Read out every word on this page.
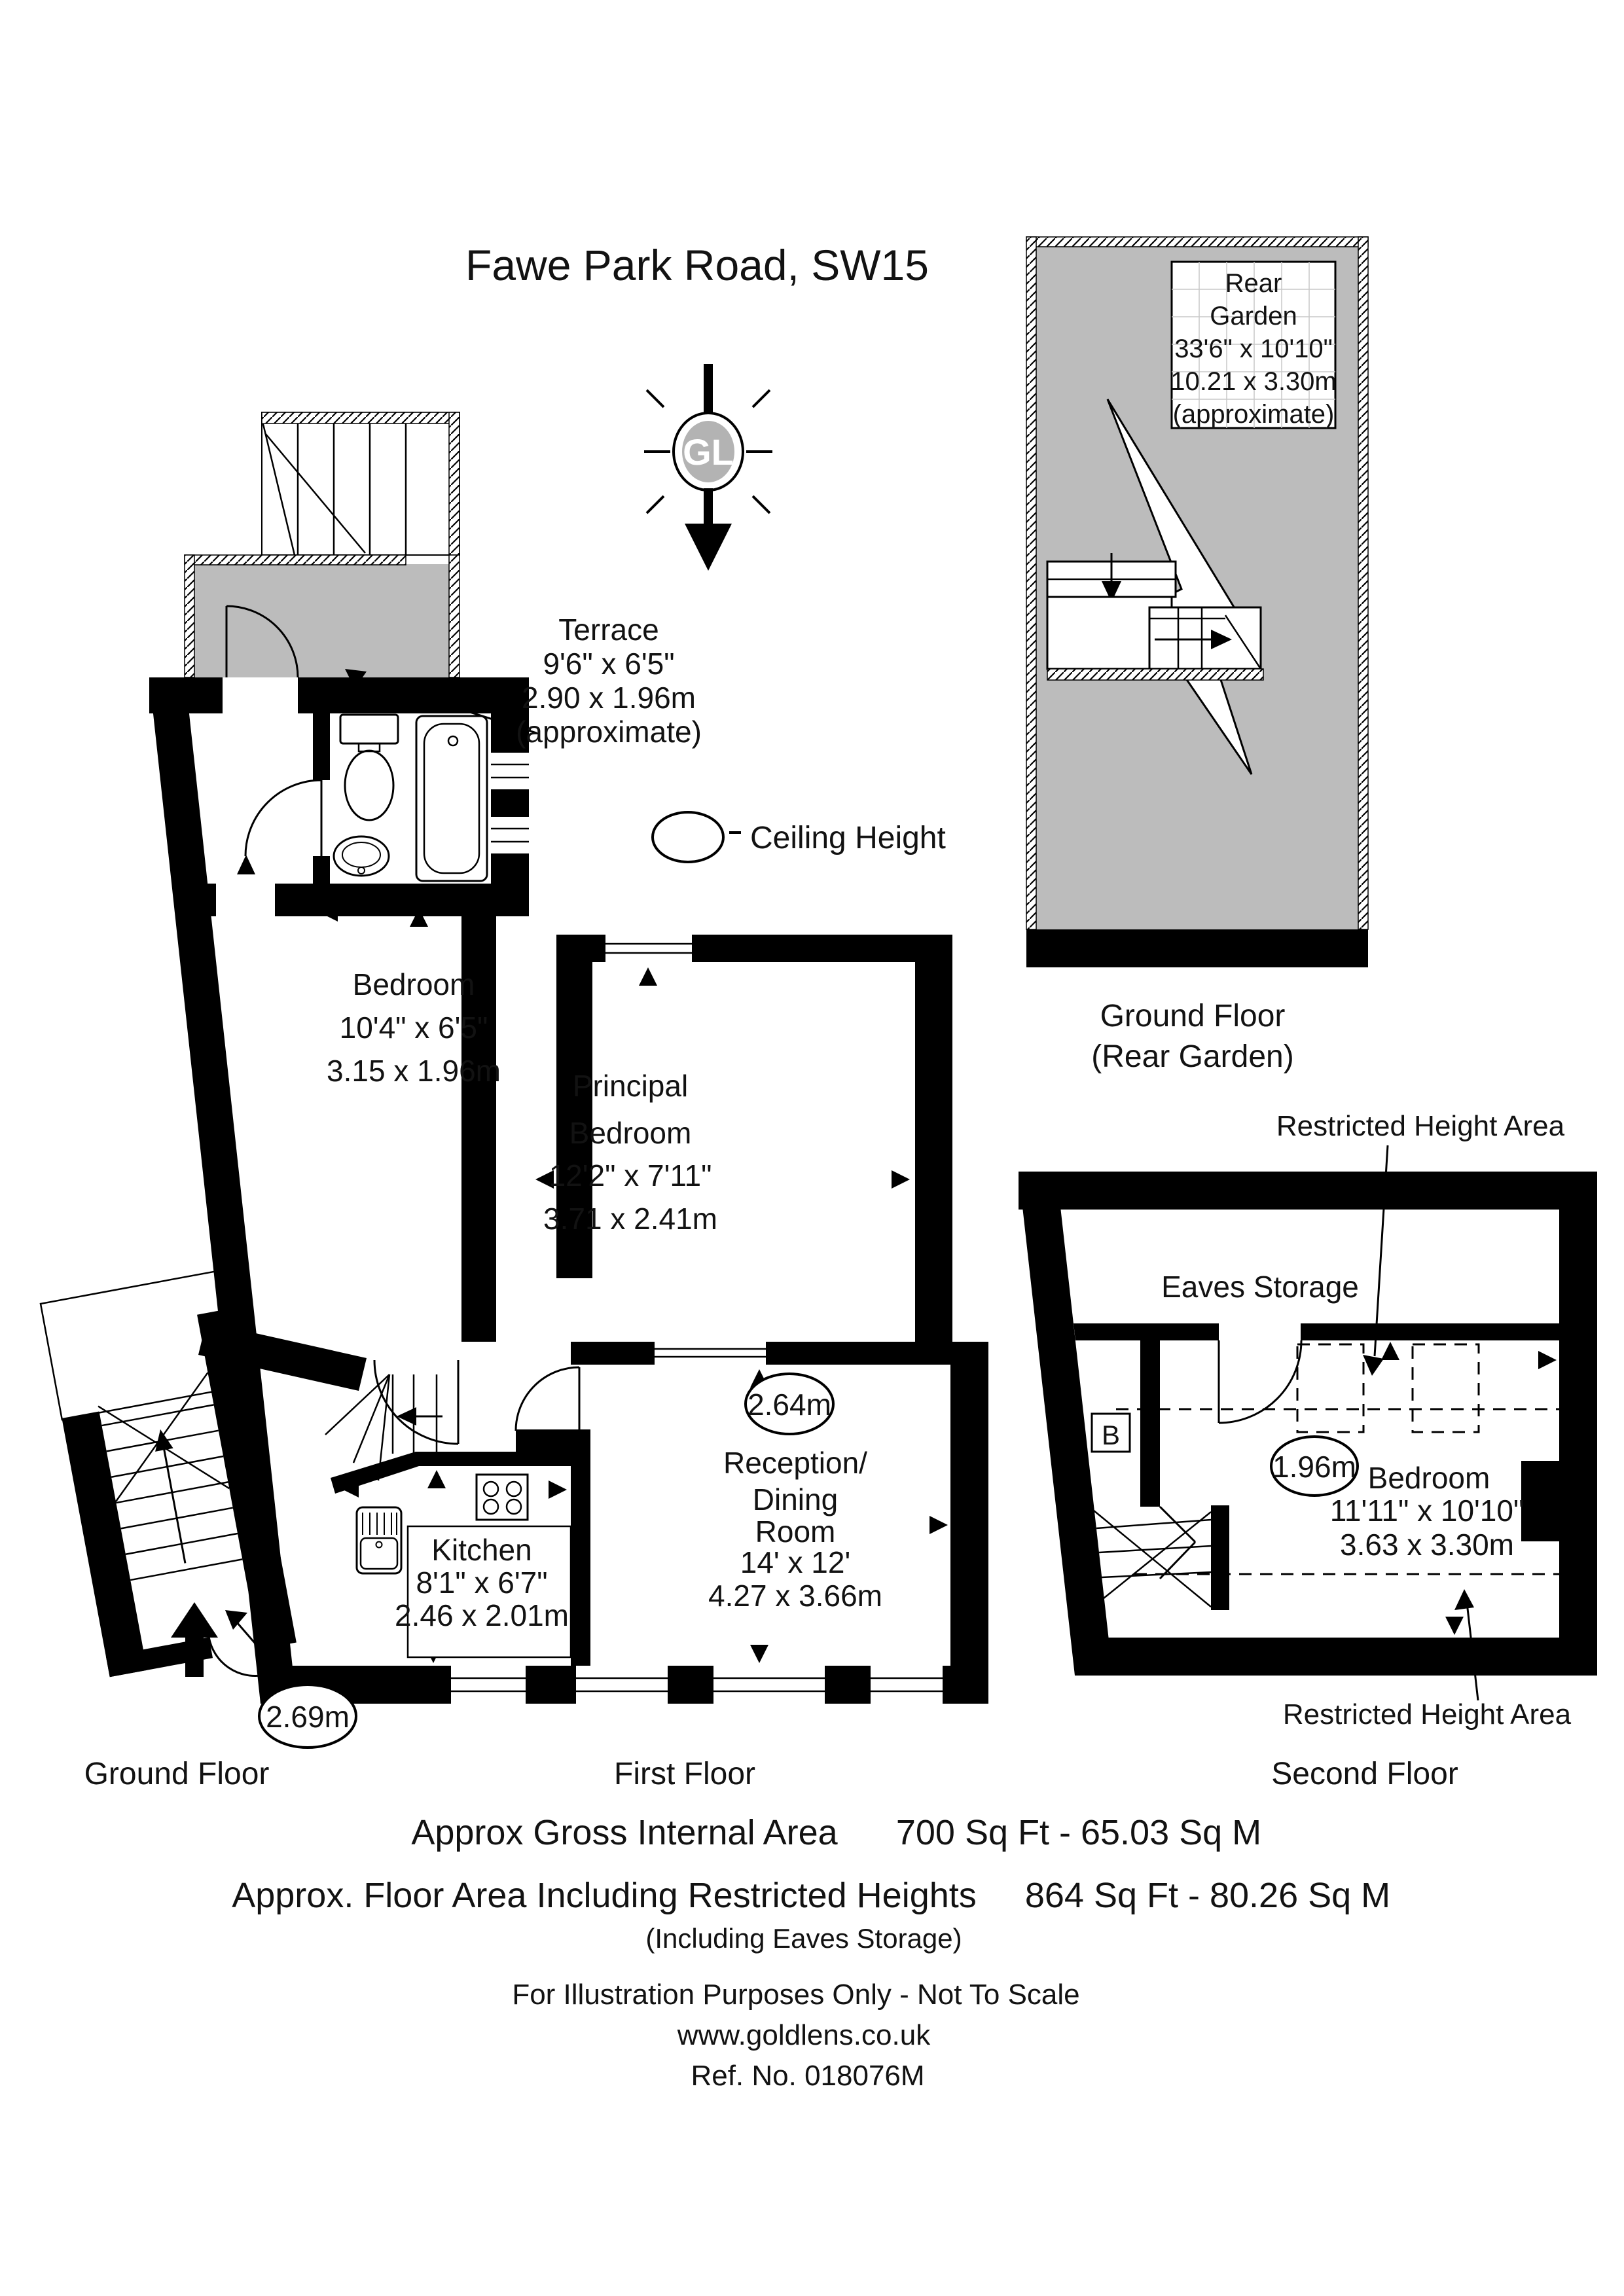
Fawe Park Road, SW15
GL
Rear
Garden
33'6" x 10'10"
10.21 x 3.30m
(approximate)
Ground Floor
(Rear Garden)
Ceiling Height
Terrace
9'6" x 6'5"
2.90 x 1.96m
(approximate)
Bedroom
10'4" x 6'5"
3.15 x 1.96m Principal
Bedroom
12'2" x 7'11"
3.71 x 2.41m
2.64m
Reception/
Dining
Room
14' x 12'
4.27 x 3.66m
Kitchen
8'1" x 6'7"
2.46 x 2.01m
2.69m
B
Eaves Storage
1.96m Bedroom
11'11" x 10'10"
3.63 x 3.30m
Restricted Height Area
Restricted Height Area
Ground Floor	First Floor	Second Floor
Approx Gross Internal Area 700 Sq Ft - 65.03 Sq M
Approx. Floor Area Including Restricted Heights 864 Sq Ft - 80.26 Sq M
(Including Eaves Storage)
For Illustration Purposes Only - Not To Scale
www.goldlens.co.uk
Ref. No. 018076M
